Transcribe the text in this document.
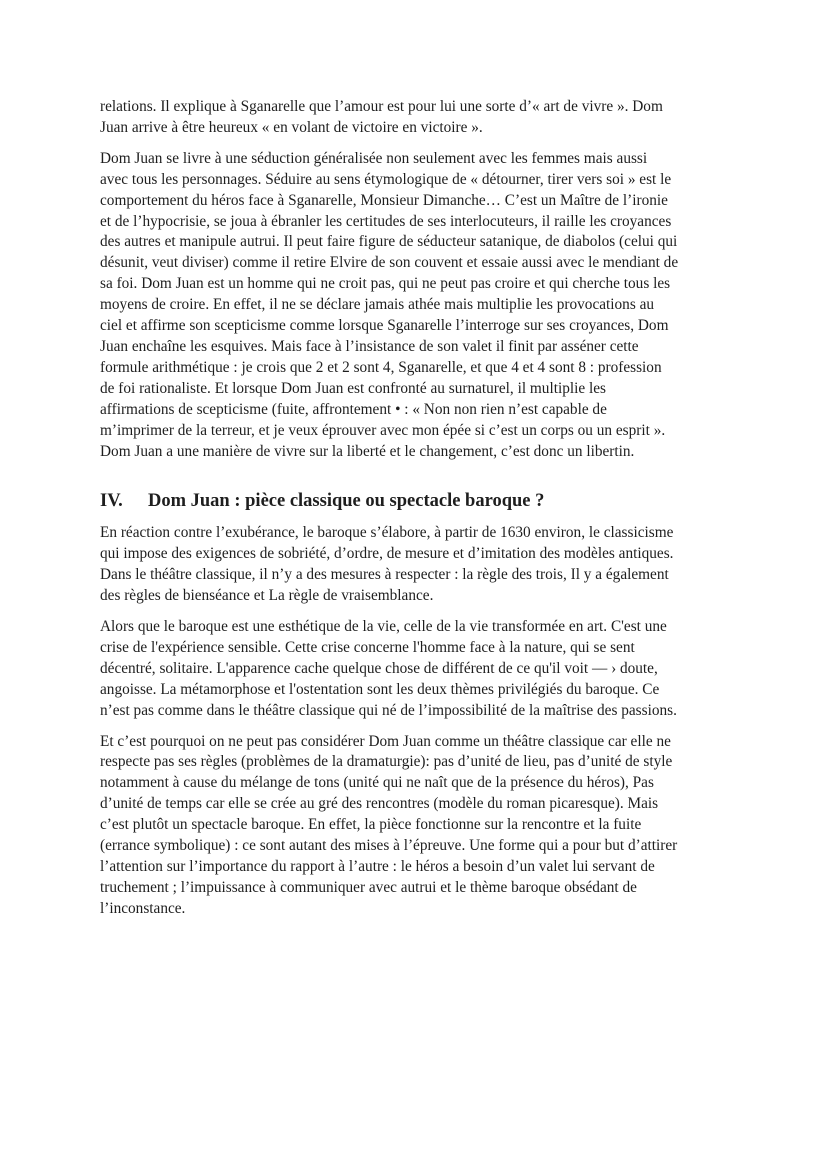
relations. Il explique à Sganarelle que l’amour est pour lui une sorte d’« art de vivre ». Dom
Juan arrive à être heureux « en volant de victoire en victoire ».

Dom Juan se livre à une séduction généralisée non seulement avec les femmes mais aussi
avec tous les personnages. Séduire au sens étymologique de « détourner, tirer vers soi » est le
comportement du héros face à Sganarelle, Monsieur Dimanche… C’est un Maître de l’ironie
et de l’hypocrisie, se joua à ébranler les certitudes de ses interlocuteurs, il raille les croyances
des autres et manipule autrui. Il peut faire figure de séducteur satanique, de diabolos (celui qui
désunit, veut diviser) comme il retire Elvire de son couvent et essaie aussi avec le mendiant de
sa foi. Dom Juan est un homme qui ne croit pas, qui ne peut pas croire et qui cherche tous les
moyens de croire. En effet, il ne se déclare jamais athée mais multiplie les provocations au
ciel et affirme son scepticisme comme lorsque Sganarelle l’interroge sur ses croyances, Dom
Juan enchaîne les esquives. Mais face à l’insistance de son valet il finit par asséner cette
formule arithmétique : je crois que 2 et 2 sont 4, Sganarelle, et que 4 et 4 sont 8 : profession
de foi rationaliste. Et lorsque Dom Juan est confronté au surnaturel, il multiplie les
affirmations de scepticisme (fuite, affrontement • : « Non non rien n’est capable de
m’imprimer de la terreur, et je veux éprouver avec mon épée si c’est un corps ou un esprit ».
Dom Juan a une manière de vivre sur la liberté et le changement, c’est donc un libertin.

IV. Dom Juan : pièce classique ou spectacle baroque ?

En réaction contre l’exubérance, le baroque s’élabore, à partir de 1630 environ, le classicisme
qui impose des exigences de sobriété, d’ordre, de mesure et d’imitation des modèles antiques.
Dans le théâtre classique, il n’y a des mesures à respecter : la règle des trois, Il y a également
des règles de bienséance et La règle de vraisemblance.

Alors que le baroque est une esthétique de la vie, celle de la vie transformée en art. C'est une
crise de l'expérience sensible. Cette crise concerne l'homme face à la nature, qui se sent
décentré, solitaire. L'apparence cache quelque chose de différent de ce qu'il voit — › doute,
angoisse. La métamorphose et l'ostentation sont les deux thèmes privilégiés du baroque. Ce
n’est pas comme dans le théâtre classique qui né de l’impossibilité de la maîtrise des passions.

Et c’est pourquoi on ne peut pas considérer Dom Juan comme un théâtre classique car elle ne
respecte pas ses règles (problèmes de la dramaturgie): pas d’unité de lieu, pas d’unité de style
notamment à cause du mélange de tons (unité qui ne naît que de la présence du héros), Pas
d’unité de temps car elle se crée au gré des rencontres (modèle du roman picaresque). Mais
c’est plutôt un spectacle baroque. En effet, la pièce fonctionne sur la rencontre et la fuite
(errance symbolique) : ce sont autant des mises à l’épreuve. Une forme qui a pour but d’attirer
l’attention sur l’importance du rapport à l’autre : le héros a besoin d’un valet lui servant de
truchement ; l’impuissance à communiquer avec autrui et le thème baroque obsédant de
l’inconstance.
